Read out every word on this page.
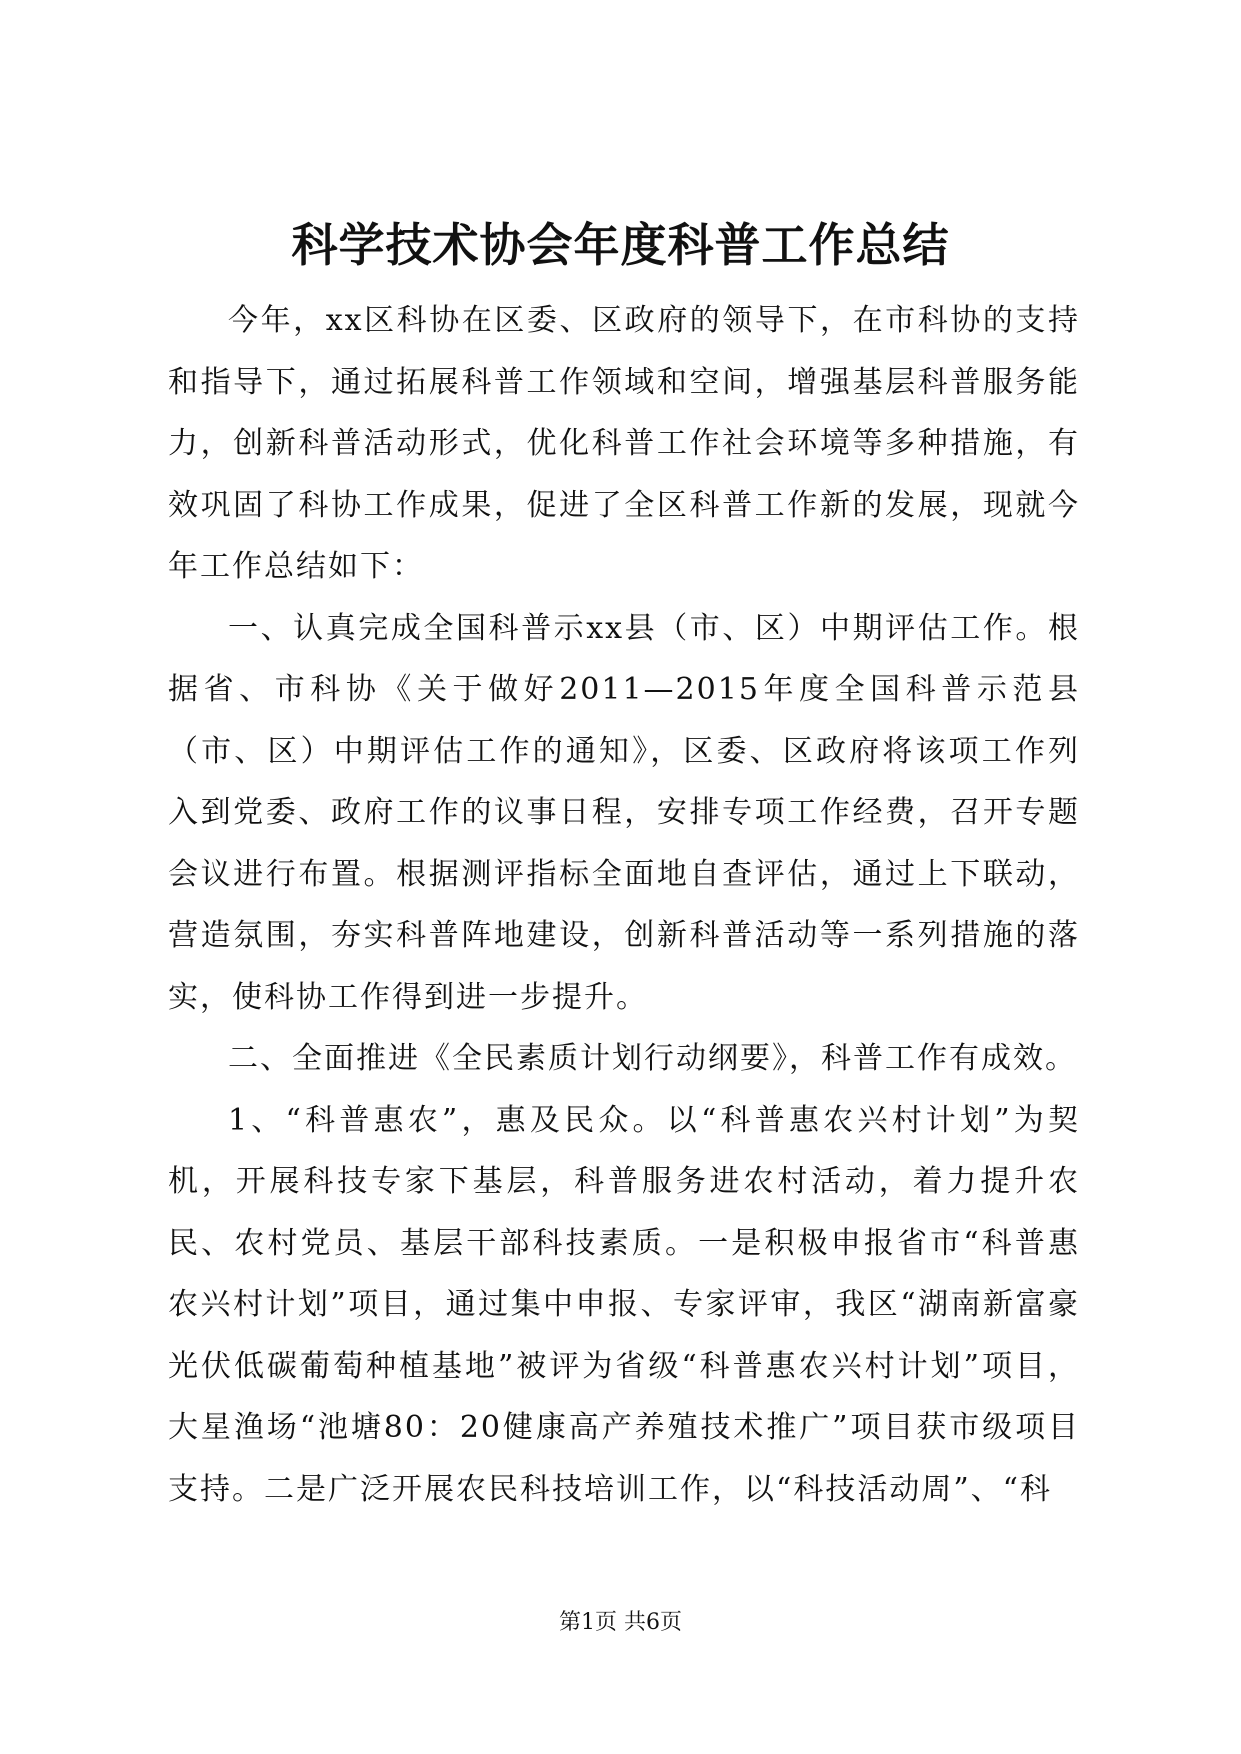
科学技术协会年度科普工作总结

今年，xx区科协在区委、区政府的领导下，在市科协的支持和指导下，通过拓展科普工作领域和空间，增强基层科普服务能力，创新科普活动形式，优化科普工作社会环境等多种措施，有效巩固了科协工作成果，促进了全区科普工作新的发展，现就今年工作总结如下：

一、认真完成全国科普示xx县（市、区）中期评估工作。根据省、市科协《关于做好2011—2015年度全国科普示范县（市、区）中期评估工作的通知》，区委、区政府将该项工作列入到党委、政府工作的议事日程，安排专项工作经费，召开专题会议进行布置。根据测评指标全面地自查评估，通过上下联动，营造氛围，夯实科普阵地建设，创新科普活动等一系列措施的落实，使科协工作得到进一步提升。

二、全面推进《全民素质计划行动纲要》，科普工作有成效。

1、“科普惠农”，惠及民众。以“科普惠农兴村计划”为契机，开展科技专家下基层，科普服务进农村活动，着力提升农民、农村党员、基层干部科技素质。一是积极申报省市“科普惠农兴村计划”项目，通过集中申报、专家评审，我区“湖南新富豪光伏低碳葡萄种植基地”被评为省级“科普惠农兴村计划”项目，大星渔场“池塘80：20健康高产养殖技术推广”项目获市级项目支持。二是广泛开展农民科技培训工作，以“科技活动周”、“科

第1页 共6页
